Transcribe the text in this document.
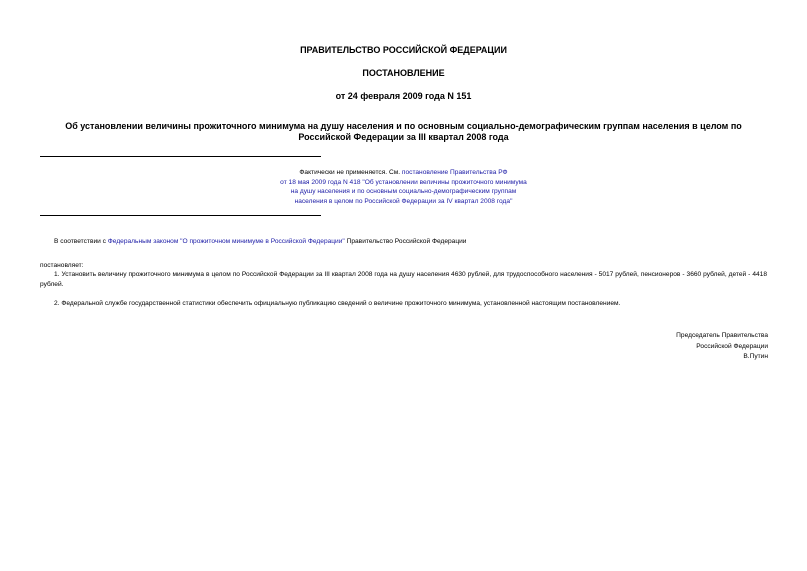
ПРАВИТЕЛЬСТВО РОССИЙСКОЙ ФЕДЕРАЦИИ
ПОСТАНОВЛЕНИЕ
от 24 февраля 2009 года N 151
Об установлении величины прожиточного минимума на душу населения и по основным социально-демографическим группам населения в целом по Российской Федерации за III квартал 2008 года
Фактически не применяется. См. постановление Правительства РФ
от 18 мая 2009 года N 418 "Об установлении величины прожиточного минимума
на душу населения и по основным социально-демографическим группам
населения в целом по Российской Федерации за IV квартал 2008 года"
В соответствии с Федеральным законом "О прожиточном минимуме в Российской Федерации" Правительство Российской Федерации
постановляет:
1. Установить величину прожиточного минимума в целом по Российской Федерации за III квартал 2008 года на душу населения 4630 рублей, для трудоспособного населения - 5017 рублей, пенсионеров - 3660 рублей, детей - 4418 рублей.
2. Федеральной службе государственной статистики обеспечить официальную публикацию сведений о величине прожиточного минимума, установленной настоящим постановлением.
Председатель Правительства
Российской Федерации
В.Путин
